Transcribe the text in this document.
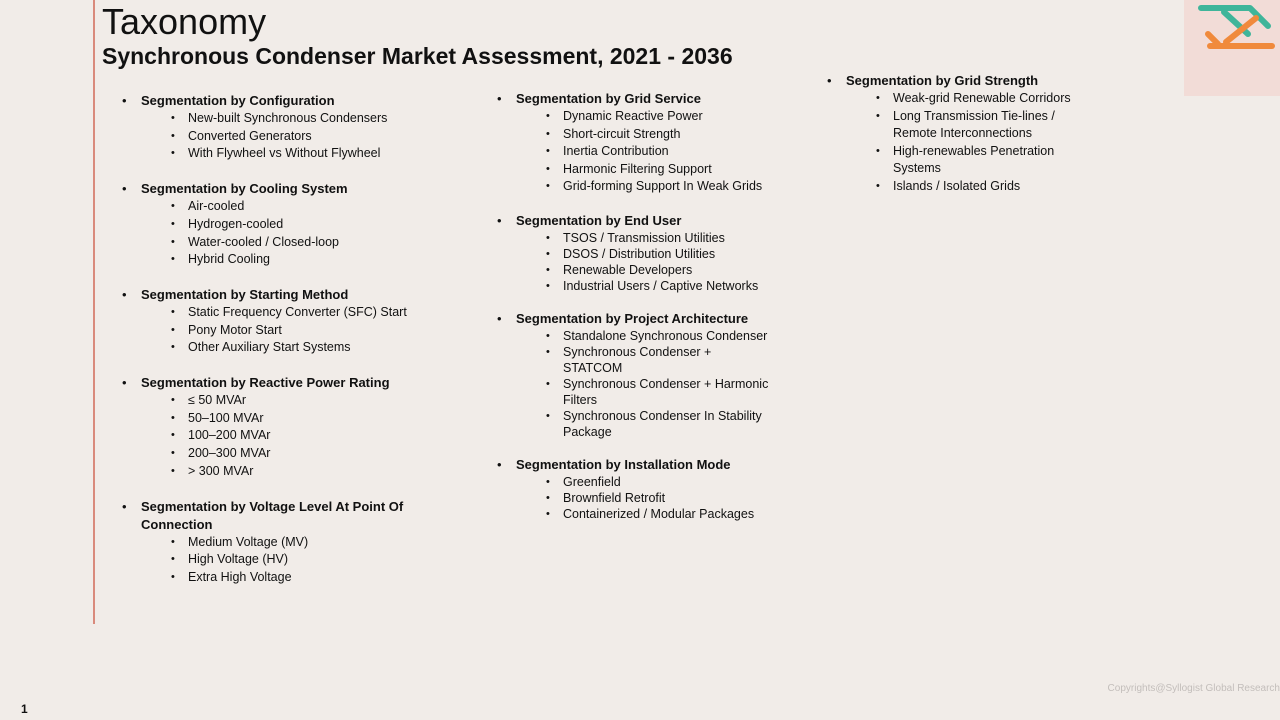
Taxonomy
Synchronous Condenser Market Assessment, 2021 - 2036
• Segmentation by Configuration
• New-built Synchronous Condensers
• Converted Generators
• With Flywheel vs Without Flywheel
• Segmentation by Cooling System
• Air-cooled
• Hydrogen-cooled
• Water-cooled / Closed-loop
• Hybrid Cooling
• Segmentation by Starting Method
• Static Frequency Converter (SFC) Start
• Pony Motor Start
• Other Auxiliary Start Systems
• Segmentation by Reactive Power Rating
• ≤ 50 MVAr
• 50–100 MVAr
• 100–200 MVAr
• 200–300 MVAr
• > 300 MVAr
• Segmentation by Voltage Level At Point Of Connection
• Medium Voltage (MV)
• High Voltage (HV)
• Extra High Voltage
• Segmentation by Grid Service
• Dynamic Reactive Power
• Short-circuit Strength
• Inertia Contribution
• Harmonic Filtering Support
• Grid-forming Support In Weak Grids
• Segmentation by End User
• TSOS / Transmission Utilities
• DSOS / Distribution Utilities
• Renewable Developers
• Industrial Users / Captive Networks
• Segmentation by Project Architecture
• Standalone Synchronous Condenser
• Synchronous Condenser + STATCOM
• Synchronous Condenser + Harmonic Filters
• Synchronous Condenser In Stability Package
• Segmentation by Installation Mode
• Greenfield
• Brownfield Retrofit
• Containerized / Modular Packages
• Segmentation by Grid Strength
• Weak-grid Renewable Corridors
• Long Transmission Tie-lines / Remote Interconnections
• High-renewables Penetration Systems
• Islands / Isolated Grids
1
Copyrights@Syllogist Global Research
